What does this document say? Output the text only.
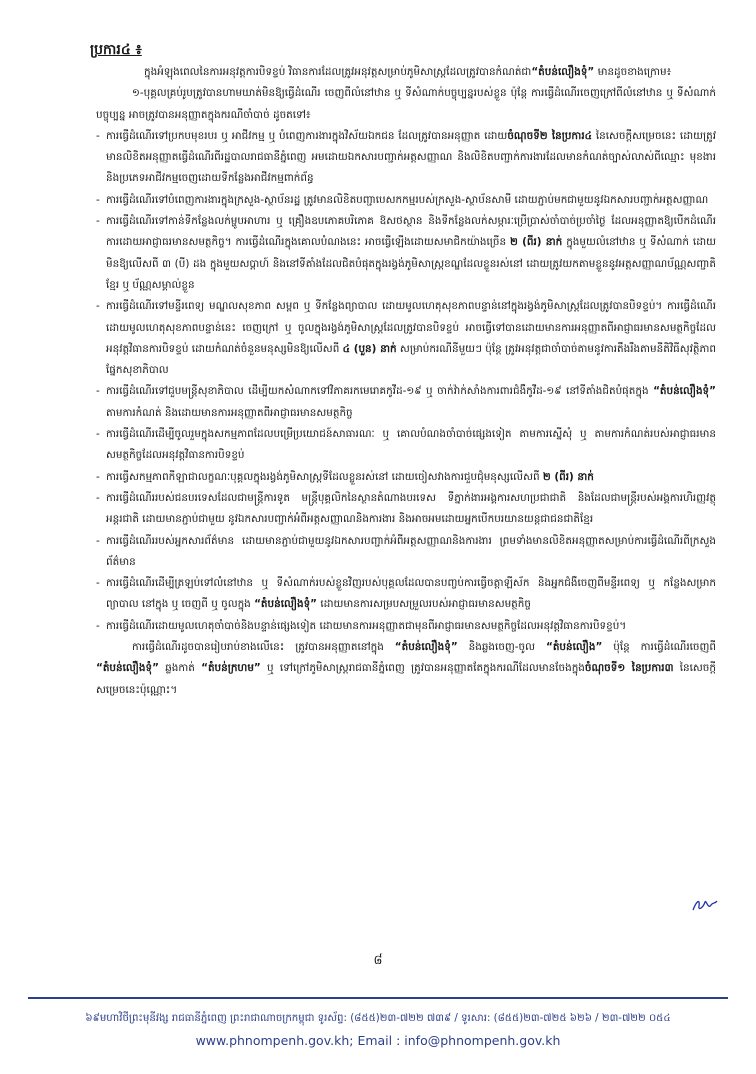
ប្រការ៤ ៖

ក្នុងអំឡុងពេលនៃការអនុវត្តការបិទខ្ទប់ វិធានការដែលត្រូវអនុវត្តសម្រាប់ភូមិសាស្ត្រដែលត្រូវបានកំណត់ជា“តំបន់លឿងទុំ” មានដូចខាងក្រោម៖

១-បុគ្គលគ្រប់រូបត្រូវបានហាមឃាត់មិនឱ្យធ្វើដំណើរ ចេញពីលំនៅឋាន ឬ ទីសំណាក់បច្ចុប្បន្នរបស់ខ្លួន ប៉ុន្តែ ការធ្វើដំណើរចេញក្រៅពីលំនៅឋាន ឬ ទីសំណាក់បច្ចុប្បន្ន អាចត្រូវបានអនុញ្ញាតក្នុងករណីចាំបាច់ ដូចតទៅ៖

- ការធ្វើដំណើរទៅប្រកបមុខរបរ ឬ អាជីវកម្ម ឬ បំពេញការងារក្នុងវិស័យឯកជន ដែលត្រូវបានអនុញ្ញាត ដោយចំណុចទី២ នៃប្រការ៤ នៃសេចក្តីសម្រេចនេះ ដោយត្រូវមានលិខិតអនុញ្ញាតធ្វើដំណើរពីរដ្ឋបាលរាជធានីភ្នំពេញ អមដោយឯកសារបញ្ជាក់អត្តសញ្ញាណ និងលិខិតបញ្ជាក់ការងារដែលមានកំណត់ច្បាស់លាស់ពីឈ្មោះ មុខងារ និងប្រភេទអាជីវកម្មចេញដោយទីកន្លែងអាជីវកម្មពាក់ព័ន្ធ

- ការធ្វើដំណើរទៅបំពេញការងារក្នុងក្រសួង-ស្ថាប័នរដ្ឋ ត្រូវមានលិខិតបញ្ជាបេសកកម្មរបស់ក្រសួង-ស្ថាប័នសាមី ដោយភ្ជាប់មកជាមួយនូវឯកសារបញ្ជាក់អត្តសញ្ញាណ

- ការធ្វើដំណើរទៅកាន់ទីកន្លែងលក់ម្ហូបអាហារ ឬ គ្រឿងឧបភោគបរិភោគ ឱសថស្ថាន និងទីកន្លែងលក់សម្ភារៈប្រើប្រាស់ចាំបាច់ប្រចាំថ្ងៃ ដែលអនុញ្ញាតឱ្យបើកដំណើរការដោយអាជ្ញាធរមានសមត្ថកិច្ច។ ការធ្វើដំណើរក្នុងគោលបំណងនេះ អាចធ្វើឡើងដោយសមាជិកយ៉ាងច្រើន ២ (ពីរ) នាក់ ក្នុងមួយលំនៅឋាន ឬ ទីសំណាក់ ដោយមិនឱ្យលើសពី ៣ (បី) ដង ក្នុងមួយសប្តាហ៍ និងនៅទីតាំងដែលជិតបំផុតក្នុងរង្វង់ភូមិសាស្ត្រខណ្ឌដែលខ្លួនរស់នៅ ដោយត្រូវយកតាមខ្លួននូវអត្តសញ្ញាណប័ណ្ណសញ្ជាតិខ្មែរ ឬ ប័ណ្ណសម្គាល់ខ្លួន

- ការធ្វើដំណើរទៅមន្ទីរពេទ្យ មណ្ឌលសុខភាព សម្ពព ឬ ទីកន្លែងព្យាបាល ដោយមូលហេតុសុខភាពបន្ទាន់នៅក្នុងរង្វង់ភូមិសាស្ត្រដែលត្រូវបានបិទខ្ទប់។ ការធ្វើដំណើរដោយមូលហេតុសុខភាពបន្ទាន់នេះ ចេញក្រៅ ឬ ចូលក្នុងរង្វង់ភូមិសាស្ត្រដែលត្រូវបានបិទខ្ទប់ អាចធ្វើទៅបានដោយមានការអនុញ្ញាតពីអាជ្ញាធរមានសមត្ថកិច្ចដែលអនុវត្តវិធានការបិទខ្ទប់ ដោយកំណត់ចំនួនមនុស្សមិនឱ្យលើសពី ៤ (បួន) នាក់ សម្រាប់ករណីនីមួយៗ ប៉ុន្តែ ត្រូវអនុវត្តជាចាំបាច់តាមនូវការតឹងរឹងតាមនីតិវិធីសុវត្ថិភាពផ្នែកសុខាភិបាល

- ការធ្វើដំណើរទៅជួបមន្ត្រីសុខាភិបាល ដើម្បីយកសំណាកទៅវិភាគរកមេរោគកូវីដ-១៩ ឬ ចាក់វ៉ាក់សាំងការពារជំងឺកូវីដ-១៩ នៅទីតាំងជិតបំផុតក្នុង “តំបន់លឿងទុំ” តាមការកំណត់ និងដោយមានការអនុញ្ញាតពីអាជ្ញាធរមានសមត្ថកិច្ច

- ការធ្វើដំណើរដើម្បីចូលរួមក្នុងសកម្មភាពដែលបម្រើប្រយោជន៍សាធារណៈ ឬ គោលបំណងចាំបាច់ផ្សេងទៀត តាមការស្នើសុំ ឬ តាមការកំណត់របស់អាជ្ញាធរមានសមត្ថកិច្ចដែលអនុវត្តវិធានការបិទខ្ទប់

- ការធ្វើសកម្មភាពកីឡាជាលក្ខណៈបុគ្គលក្នុងរង្វង់ភូមិសាស្ត្រទីដែលខ្លួនរស់នៅ ដោយចៀសវាងការជួបជុំមនុស្សលើសពី ២ (ពីរ) នាក់

- ការធ្វើដំណើររបស់ជនបរទេសដែលជាមន្ត្រីការទូត មន្ត្រីបុគ្គលិកនៃស្ថានតំណាងបរទេស ទីភ្នាក់ងារអង្គការសហប្រជាជាតិ និងដែលជាមន្ត្រីរបស់អង្គការហិរញ្ញវត្ថុអន្តរជាតិ ដោយមានភ្ជាប់ជាមួយ នូវឯកសារបញ្ជាក់អំពីអត្តសញ្ញាណនិងការងារ និងអាចអមដោយអ្នកបើកបរយានយន្តជាជនជាតិខ្មែរ

- ការធ្វើដំណើររបស់អ្នកសារព័ត៌មាន ដោយមានភ្ជាប់ជាមួយនូវឯកសារបញ្ជាក់អំពីអត្តសញ្ញាណនិងការងារ ព្រមទាំងមានលិខិតអនុញ្ញាតសម្រាប់ការធ្វើដំណើរពីក្រសួងព័ត៌មាន

- ការធ្វើដំណើរដើម្បីត្រឡប់ទៅលំនៅឋាន ឬ ទីសំណាក់របស់ខ្លួនវិញរបស់បុគ្គលដែលបានបញ្ចប់ការធ្វើចត្តាឡីស័ក និងអ្នកជំងឺចេញពីមន្ទីរពេទ្យ ឬ កន្លែងសម្រាកព្យាបាល នៅក្នុង ឬ ចេញពី ឬ ចូលក្នុង “តំបន់លឿងទុំ” ដោយមានការសម្របសម្រួលរបស់អាជ្ញាធរមានសមត្ថកិច្ច

- ការធ្វើដំណើរដោយមូលហេតុចាំបាច់និងបន្ទាន់ផ្សេងទៀត ដោយមានការអនុញ្ញាតជាមុនពីអាជ្ញាធរមានសមត្ថកិច្ចដែលអនុវត្តវិធានការបិទខ្ទប់។

ការធ្វើដំណើរដូចបានរៀបរាប់ខាងលើនេះ ត្រូវបានអនុញ្ញាតនៅក្នុង “តំបន់លឿងទុំ” និងឆ្លងចេញ-ចូល “តំបន់លឿង” ប៉ុន្តែ ការធ្វើដំណើរចេញពី “តំបន់លឿងទុំ” ឆ្លងកាត់ “តំបន់ក្រហម” ឬ ទៅក្រៅភូមិសាស្ត្ររាជធានីភ្នំពេញ ត្រូវបានអនុញ្ញាតតែក្នុងករណីដែលមានចែងក្នុងចំណុចទី១ នៃប្រការ៣ នៃសេចក្តីសម្រេចនេះប៉ុណ្ណោះ។

៨
៦៩មហាវិថីព្រះមុនីវង្ស រាជធានីភ្នំពេញ ព្រះរាជាណាចក្រកម្ពុជា ទូរស័ព្ទ: (៨៥៥)២៣-៧២២ ៧៣៩ / ទូរសារ: (៨៥៥)២៣-៧២៥ ៦២៦ / ២៣-៧២២ ០៥៤
www.phnompenh.gov.kh; Email : info@phnompenh.gov.kh
